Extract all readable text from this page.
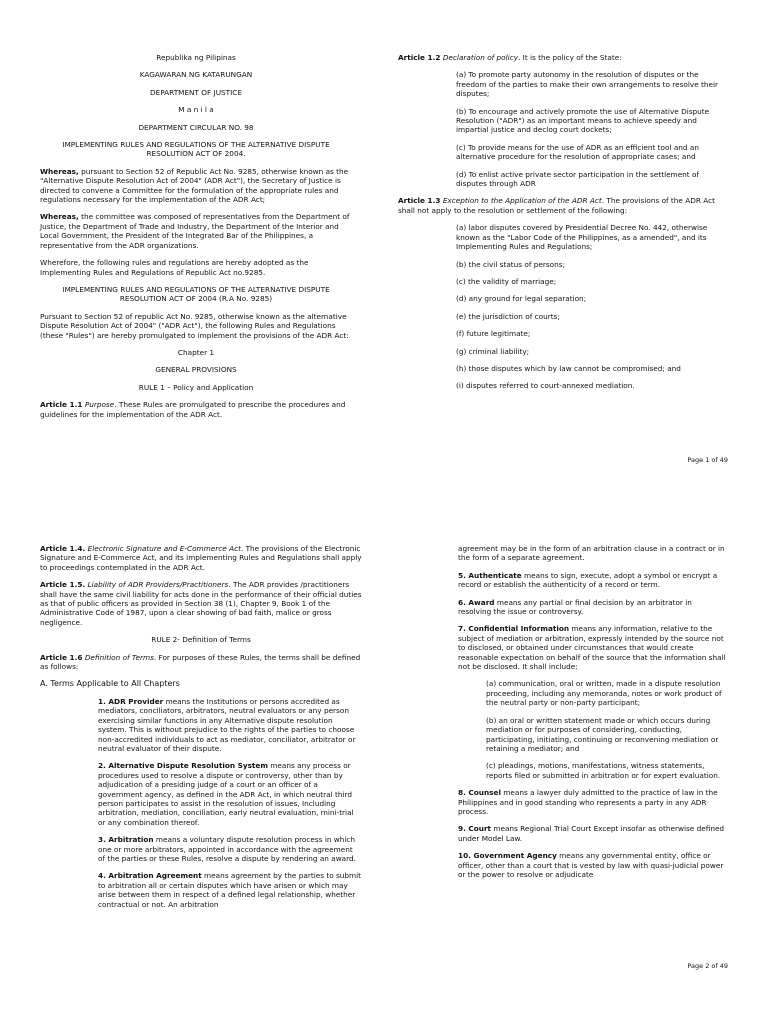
Republika ng Pilipinas

KAGAWARAN NG KATARUNGAN

DEPARTMENT OF JUSTICE

M a n i l a

DEPARTMENT CIRCULAR NO. 98

IMPLEMENTING RULES AND REGULATIONS OF THE ALTERNATIVE DISPUTE RESOLUTION ACT OF 2004.

Whereas, pursuant to Section 52 of Republic Act No. 9285, otherwise known as the "Alternative Dispute Resolution Act of 2004" (ADR Act"), the Secretary of Justice is directed to convene a Committee for the formulation of the appropriate rules and regulations necessary for the implementation of the ADR Act;

Whereas, the committee was composed of representatives from the Department of Justice, the Department of Trade and Industry, the Department of the Interior and Local Government, the President of the Integrated Bar of the Philippines, a representative from the ADR organizations.

Wherefore, the following rules and regulations are hereby adopted as the Implementing Rules and Regulations of Republic Act no.9285.

IMPLEMENTING RULES AND REGULATIONS OF THE ALTERNATIVE DISPUTE RESOLUTION ACT OF 2004 (R.A No. 9285)

Pursuant to Section 52 of republic Act No. 9285, otherwise known as the alternative Dispute Resolution Act of 2004" ("ADR Act"), the following Rules and Regulations (these "Rules") are hereby promulgated to implement the provisions of the ADR Act:

Chapter 1

GENERAL PROVISIONS

RULE 1 – Policy and Application

Article 1.1 Purpose. These Rules are promulgated to prescribe the procedures and guidelines for the implementation of the ADR Act.

Article 1.2 Declaration of policy. It is the policy of the State:

(a) To promote party autonomy in the resolution of disputes or the freedom of the parties to make their own arrangements to resolve their disputes;

(b) To encourage and actively promote the use of Alternative Dispute Resolution ("ADR") as an important means to achieve speedy and impartial justice and declog court dockets;

(c) To provide means for the use of ADR as an efficient tool and an alternative procedure for the resolution of appropriate cases; and

(d) To enlist active private sector participation in the settlement of disputes through ADR

Article 1.3 Exception to the Application of the ADR Act. The provisions of the ADR Act shall not apply to the resolution or settlement of the following:

(a) labor disputes covered by Presidential Decree No. 442, otherwise known as the "Labor Code of the Philippines, as a amended", and its Implementing Rules and Regulations;

(b) the civil status of persons;

(c) the validity of marriage;

(d) any ground for legal separation;

(e) the jurisdiction of courts;

(f) future legitimate;

(g) criminal liability;

(h) those disputes which by law cannot be compromised; and

(i) disputes referred to court-annexed mediation.

Page 1 of 49

Article 1.4. Electronic Signature and E-Commerce Act. The provisions of the Electronic Signature and E-Commerce Act, and its implementing Rules and Regulations shall apply to proceedings contemplated in the ADR Act.

Article 1.5. Liability of ADR Providers/Practitioners. The ADR provides /practitioners shall have the same civil liability for acts done in the performance of their official duties as that of public officers as provided in Section 38 (1), Chapter 9, Book 1 of the Administrative Code of 1987, upon a clear showing of bad faith, malice or gross negligence.

RULE 2- Definition of Terms

Article 1.6 Definition of Terms. For purposes of these Rules, the terms shall be defined as follows:

A. Terms Applicable to All Chapters

1. ADR Provider means the Institutions or persons accredited as mediators, conciliators, arbitrators, neutral evaluators or any person exercising similar functions in any Alternative dispute resolution system. This is without prejudice to the rights of the parties to choose non-accredited individuals to act as mediator, conciliator, arbitrator or neutral evaluator of their dispute.

2. Alternative Dispute Resolution System means any process or procedures used to resolve a dispute or controversy, other than by adjudication of a presiding judge of a court or an officer of a government agency, as defined in the ADR Act, in which neutral third person participates to assist in the resolution of issues, Including arbitration, mediation, conciliation, early neutral evaluation, mini-trial or any combination thereof.

3. Arbitration means a voluntary dispute resolution process in which one or more arbitrators, appointed in accordance with the agreement of the parties or these Rules, resolve a dispute by rendering an award.

4. Arbitration Agreement means agreement by the parties to submit to arbitration all or certain disputes which have arisen or which may arise between them in respect of a defined legal relationship, whether contractual or not. An arbitration

agreement may be in the form of an arbitration clause in a contract or in the form of a separate agreement.

5. Authenticate means to sign, execute, adopt a symbol or encrypt a record or establish the authenticity of a record or term.

6. Award means any partial or final decision by an arbitrator in resolving the issue or controversy.

7. Confidential Information means any information, relative to the subject of mediation or arbitration, expressly intended by the source not to disclosed, or obtained under circumstances that would create reasonable expectation on behalf of the source that the information shall not be disclosed. It shall include:

(a) communication, oral or written, made in a dispute resolution proceeding, including any memoranda, notes or work product of the neutral party or non-party participant;

(b) an oral or written statement made or which occurs during mediation or for purposes of considering, conducting, participating, initiating, continuing or reconvening mediation or retaining a mediator; and

(c) pleadings, motions, manifestations, witness statements, reports filed or submitted in arbitration or for expert evaluation.

8. Counsel means a lawyer duly admitted to the practice of law in the Philippines and in good standing who represents a party in any ADR process.

9. Court means Regional Trial Court Except insofar as otherwise defined under Model Law.

10. Government Agency means any governmental entity, office or officer, other than a court that is vested by law with quasi-judicial power or the power to resolve or adjudicate

Page 2 of 49
